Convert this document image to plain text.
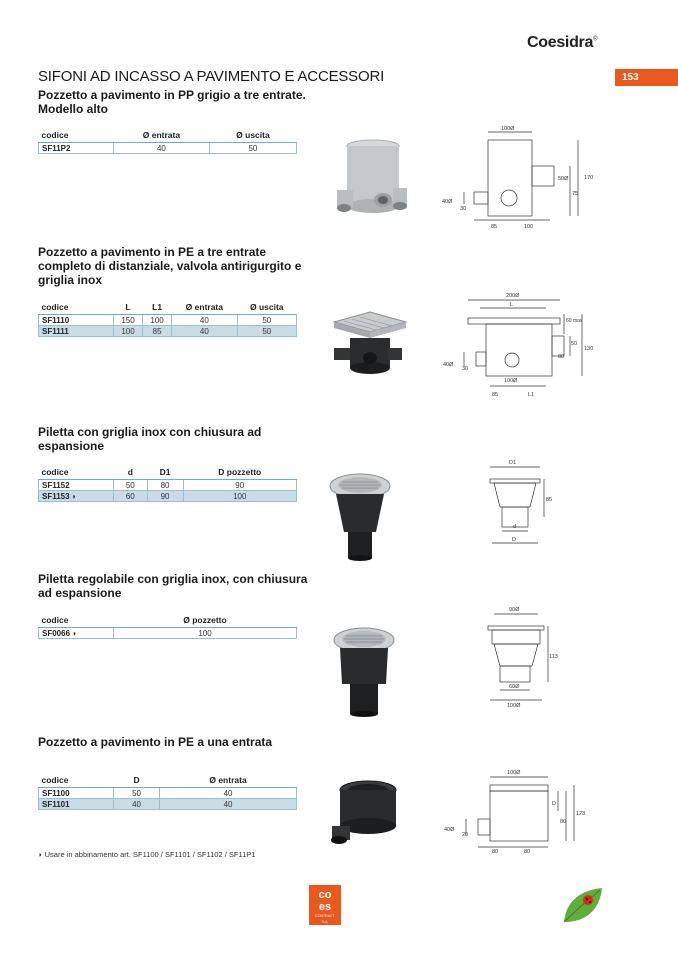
Coesidra®
SIFONI AD INCASSO A PAVIMENTO E ACCESSORI	153
Pozzetto a pavimento in PP grigio a tre entrate. Modello alto
codice	Ø entrata	Ø uscita
SF11P2	40	50
100Ø
50Ø	170
75
40Ø
30
85	100
Pozzetto a pavimento in PE a tre entrate completo di distanziale, valvola antirigurgito e griglia inox
codice	L	L1	Ø entrata	Ø uscita
SF1110	150	100	40	50
SF1111	100	85	40	50
200Ø
L
60 max
50
130
80
40Ø
30
100Ø
85	L1
Piletta con griglia inox con chiusura ad espansione
codice	d	D1	D pozzetto
SF1152	50	80	90
SF1153 ◗	60	90	100
D1
85
d
D
Piletta regolabile con griglia inox, con chiusura ad espansione
codice	Ø pozzetto
SF0066 ◗	100
90Ø
113
60Ø
100Ø
Pozzetto a pavimento in PE a una entrata
codice	D	Ø entrata
SF1100	50	40
SF1101	40	40
100Ø
D
123
80
40Ø
20
80	80
◗ Usare in abbinamento art. SF1100 / SF1101 / SF1102 / SF11P1
co
es
CONTRACT
S.A.
